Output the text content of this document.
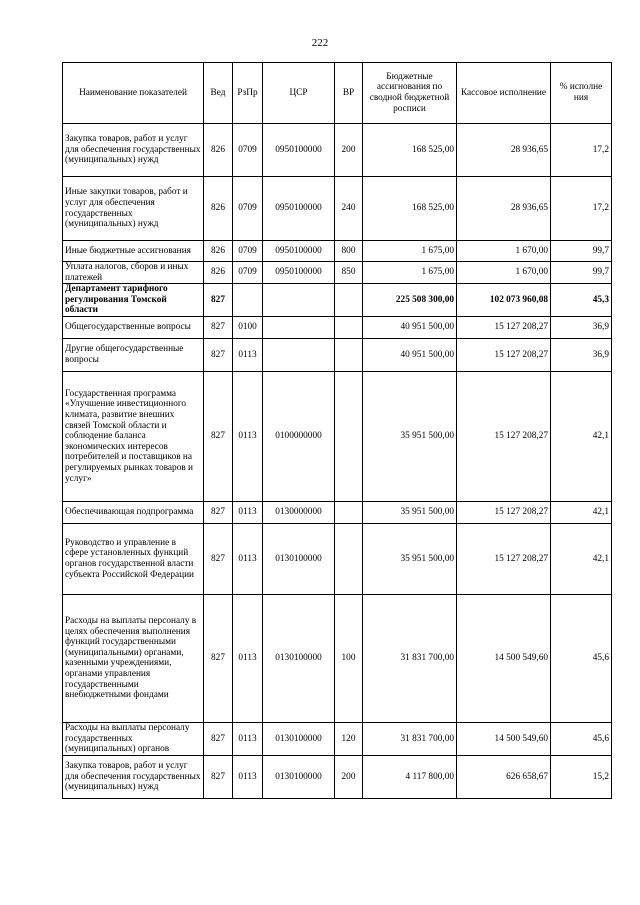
222
Наименование показателей	Вед	РзПр	ЦСР	ВР	Бюджетные ассигнования по сводной бюджетной росписи	Кассовое исполнение	% исполне ния
Закупка товаров, работ и услуг для обеспечения государственных (муниципальных) нужд	826	0709	0950100000	200	168 525,00	28 936,65	17,2
Иные закупки товаров, работ и услуг для обеспечения государственных (муниципальных) нужд	826	0709	0950100000	240	168 525,00	28 936,65	17,2
Иные бюджетные ассигнования	826	0709	0950100000	800	1 675,00	1 670,00	99,7
Уплата налогов, сборов и иных платежей	826	0709	0950100000	850	1 675,00	1 670,00	99,7
Департамент тарифного регулирования Томской области	827				225 508 300,00	102 073 960,08	45,3
Общегосударственные вопросы	827	0100			40 951 500,00	15 127 208,27	36,9
Другие общегосударственные вопросы	827	0113			40 951 500,00	15 127 208,27	36,9
Государственная программа «Улучшение инвестиционного климата, развитие внешних связей Томской области и соблюдение баланса экономических интересов потребителей и поставщиков на регулируемых рынках товаров и услуг»	827	0113	0100000000		35 951 500,00	15 127 208,27	42,1
Обеспечивающая подпрограмма	827	0113	0130000000		35 951 500,00	15 127 208,27	42,1
Руководство и управление в сфере установленных функций органов государственной власти субъекта Российской Федерации	827	0113	0130100000		35 951 500,00	15 127 208,27	42,1
Расходы на выплаты персоналу в целях обеспечения выполнения функций государственными (муниципальными) органами, казенными учреждениями, органами управления государственными внебюджетными фондами	827	0113	0130100000	100	31 831 700,00	14 500 549,60	45,6
Расходы на выплаты персоналу государственных (муниципальных) органов	827	0113	0130100000	120	31 831 700,00	14 500 549,60	45,6
Закупка товаров, работ и услуг для обеспечения государственных (муниципальных) нужд	827	0113	0130100000	200	4 117 800,00	626 658,67	15,2
